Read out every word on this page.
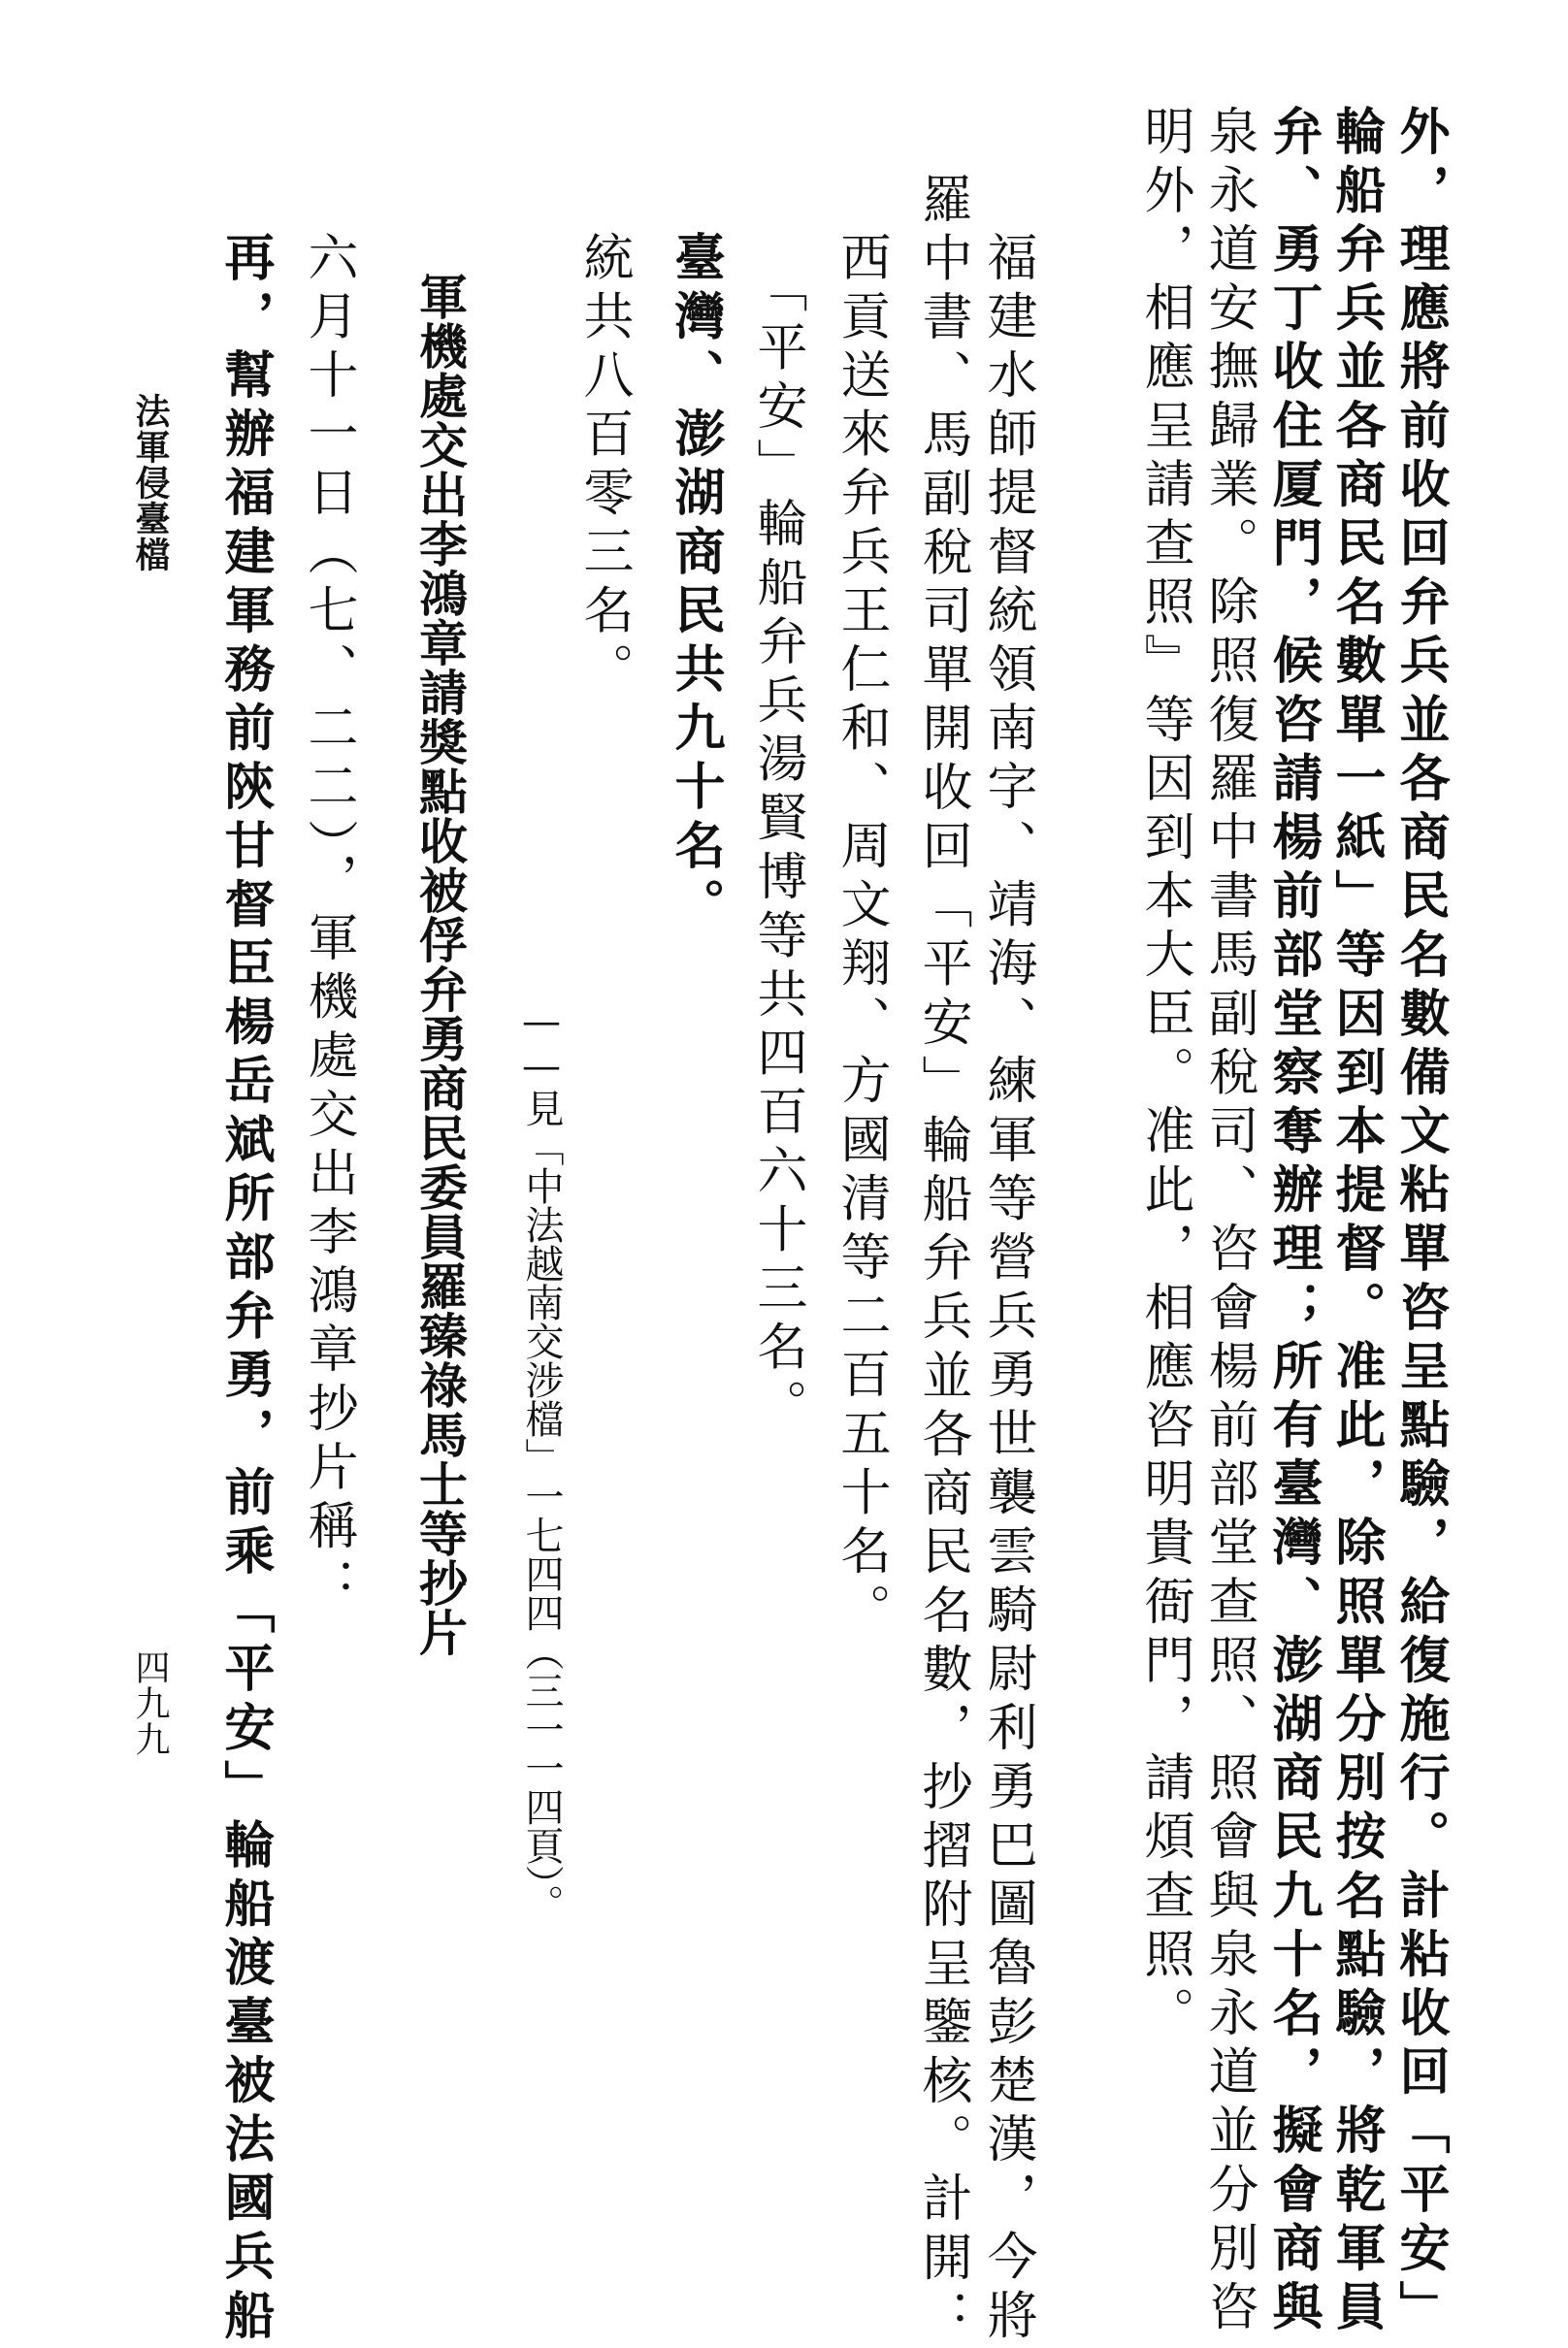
外，理應將前收回弁兵並各商民名數備文粘單咨呈點驗，給復施行。計粘收回「平安」
輪船弁兵並各商民名數單一紙」等因到本提督。准此，除照單分別按名點驗，將乾軍員
弁、勇丁收住厦門，候咨請楊前部堂察奪辦理；所有臺灣、澎湖商民九十名，擬會商與
泉永道安撫歸業。除照復羅中書馬副稅司、咨會楊前部堂查照、照會與泉永道並分別咨
明外，相應呈請查照』等因到本大臣。准此，相應咨明貴衙門，請煩查照。
福建水師提督統領南字、靖海、練軍等營兵勇世襲雲騎尉利勇巴圖魯彭楚漢，今將
羅中書、馬副稅司單開收回「平安」輪船弁兵並各商民名數，抄摺附呈鑒核。計開：
西貢送來弁兵王仁和、周文翔、方國清等二百五十名。
「平安」輪船弁兵湯賢博等共四百六十三名。
臺灣、澎湖商民共九十名。
統共八百零三名。
——見「中法越南交涉檔」一七四四（三一一四頁）。
軍機處交出李鴻章請獎點收被俘弁勇商民委員羅臻祿馬士等抄片
六月十一日（七、二二），軍機處交出李鴻章抄片稱：
再，幫辦福建軍務前陝甘督臣楊岳斌所部弁勇，前乘「平安」輪船渡臺被法國兵船
法軍侵臺檔
四九九
